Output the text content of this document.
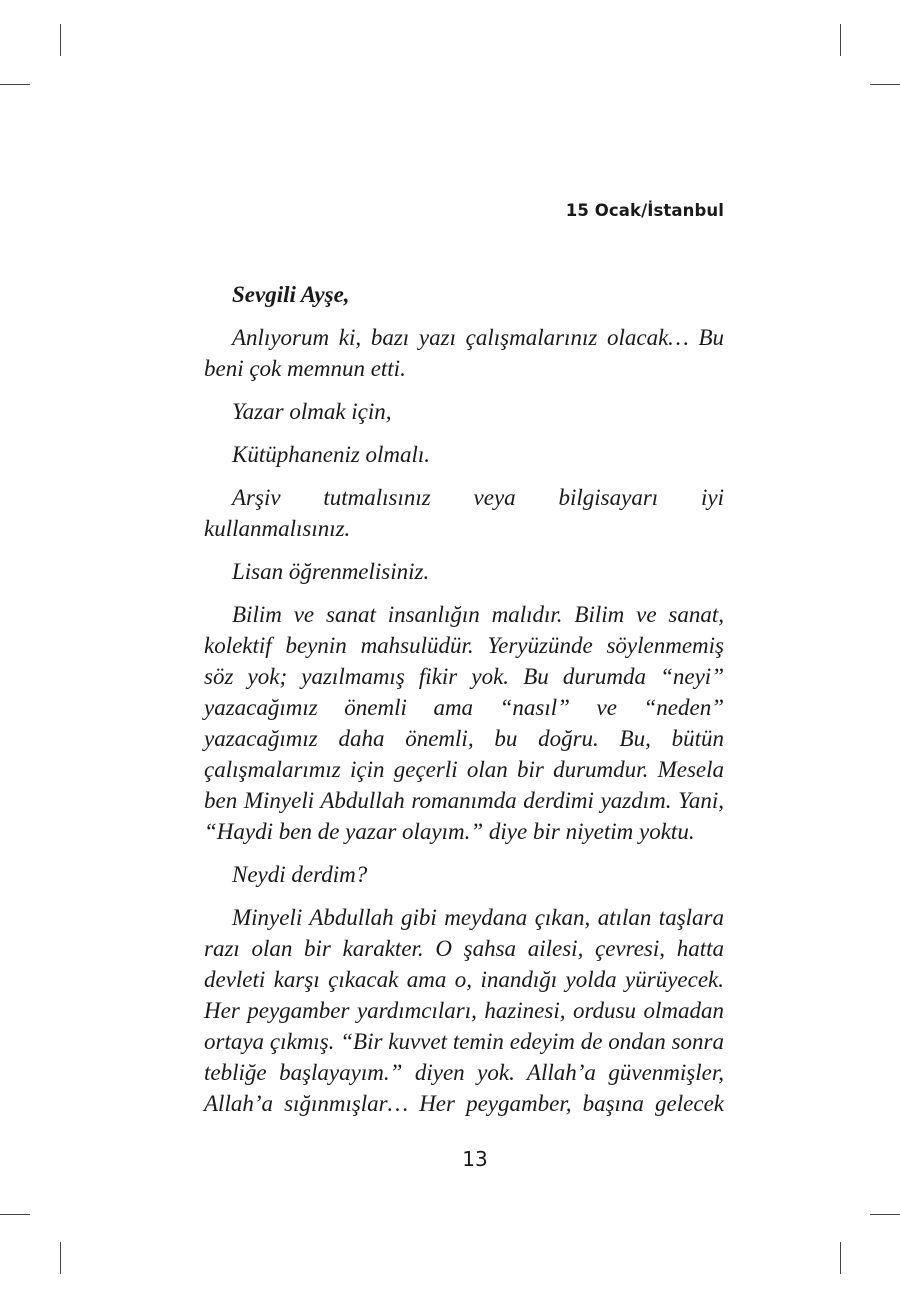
15 Ocak/İstanbul

Sevgili Ayşe,

Anlıyorum ki, bazı yazı çalışmalarınız olacak… Bu beni çok memnun etti.

Yazar olmak için,

Kütüphaneniz olmalı.

Arşiv tutmalısınız veya bilgisayarı iyi kullanmalısınız.

Lisan öğrenmelisiniz.

Bilim ve sanat insanlığın malıdır. Bilim ve sanat, kolektif beynin mahsulüdür. Yeryüzünde söylenmemiş söz yok; yazılmamış fikir yok. Bu durumda “neyi” yazacağımız önemli ama “nasıl” ve “neden” yazacağımız daha önemli, bu doğru. Bu, bütün çalışmalarımız için geçerli olan bir durumdur. Mesela ben Minyeli Abdullah romanımda derdimi yazdım. Yani, “Haydi ben de yazar olayım.” diye bir niyetim yoktu.

Neydi derdim?

Minyeli Abdullah gibi meydana çıkan, atılan taşlara razı olan bir karakter. O şahsa ailesi, çevresi, hatta devleti karşı çıkacak ama o, inandığı yolda yürüyecek. Her peygamber yardımcıları, hazinesi, ordusu olmadan ortaya çıkmış. “Bir kuvvet temin edeyim de ondan sonra tebliğe başlayayım.” diyen yok. Allah’a güvenmişler, Allah’a sığınmışlar… Her peygamber, başına gelecek

13
